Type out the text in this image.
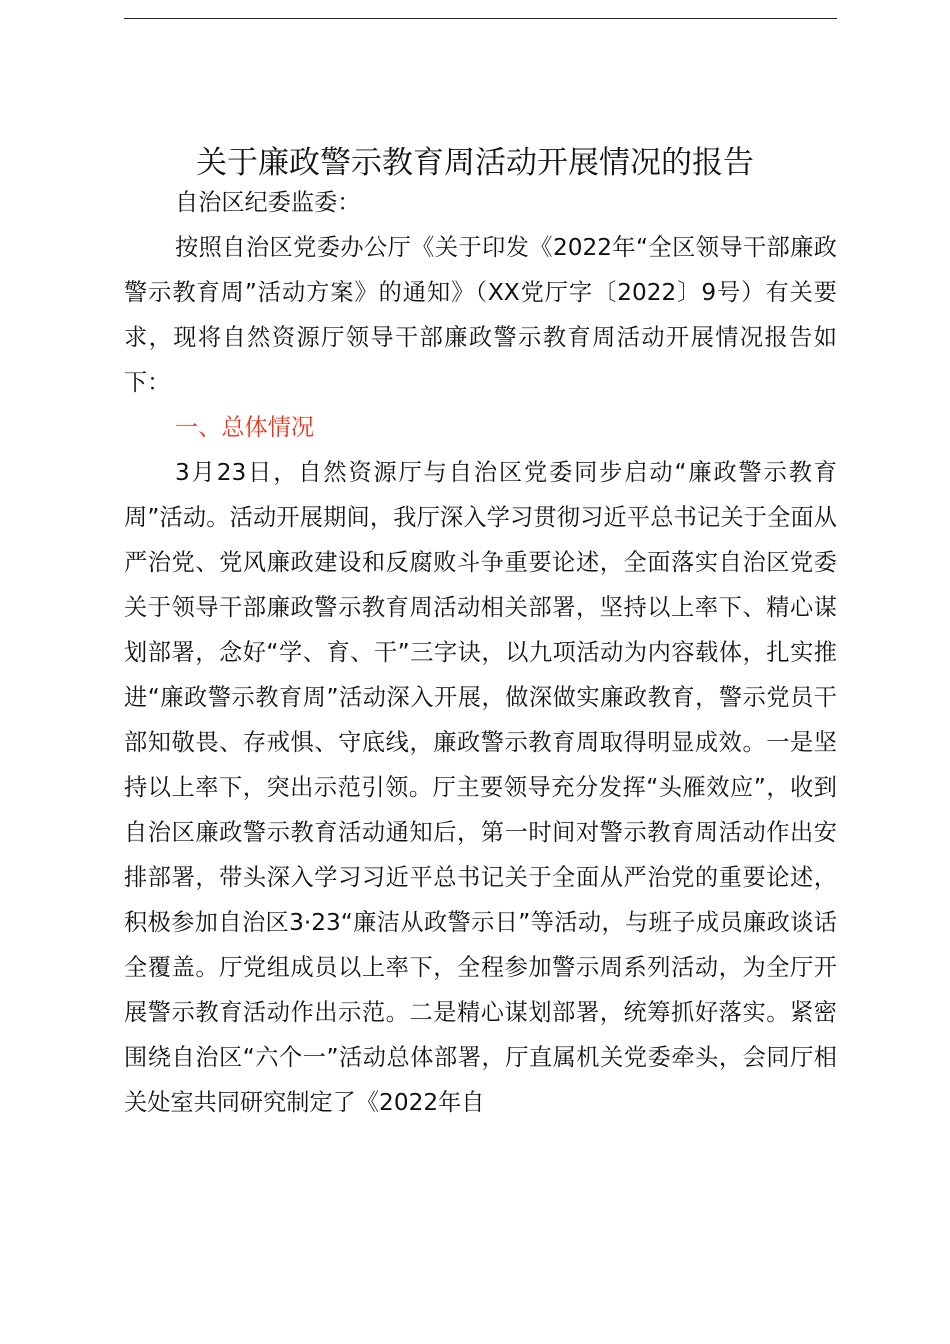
关于廉政警示教育周活动开展情况的报告

自治区纪委监委：

按照自治区党委办公厅《关于印发《2022年“全区领导干部廉政警示教育周”活动方案》的通知》（XX党厅字〔2022〕9号）有关要求，现将自然资源厅领导干部廉政警示教育周活动开展情况报告如下：

一、总体情况

3月23日，自然资源厅与自治区党委同步启动“廉政警示教育周”活动。活动开展期间，我厅深入学习贯彻习近平总书记关于全面从严治党、党风廉政建设和反腐败斗争重要论述，全面落实自治区党委关于领导干部廉政警示教育周活动相关部署，坚持以上率下、精心谋划部署，念好“学、育、干”三字诀，以九项活动为内容载体，扎实推进“廉政警示教育周”活动深入开展，做深做实廉政教育，警示党员干部知敬畏、存戒惧、守底线，廉政警示教育周取得明显成效。一是坚持以上率下，突出示范引领。厅主要领导充分发挥“头雁效应”，收到自治区廉政警示教育活动通知后，第一时间对警示教育周活动作出安排部署，带头深入学习习近平总书记关于全面从严治党的重要论述，积极参加自治区3·23“廉洁从政警示日”等活动，与班子成员廉政谈话全覆盖。厅党组成员以上率下，全程参加警示周系列活动，为全厅开展警示教育活动作出示范。二是精心谋划部署，统筹抓好落实。紧密围绕自治区“六个一”活动总体部署，厅直属机关党委牵头，会同厅相关处室共同研究制定了《2022年自
